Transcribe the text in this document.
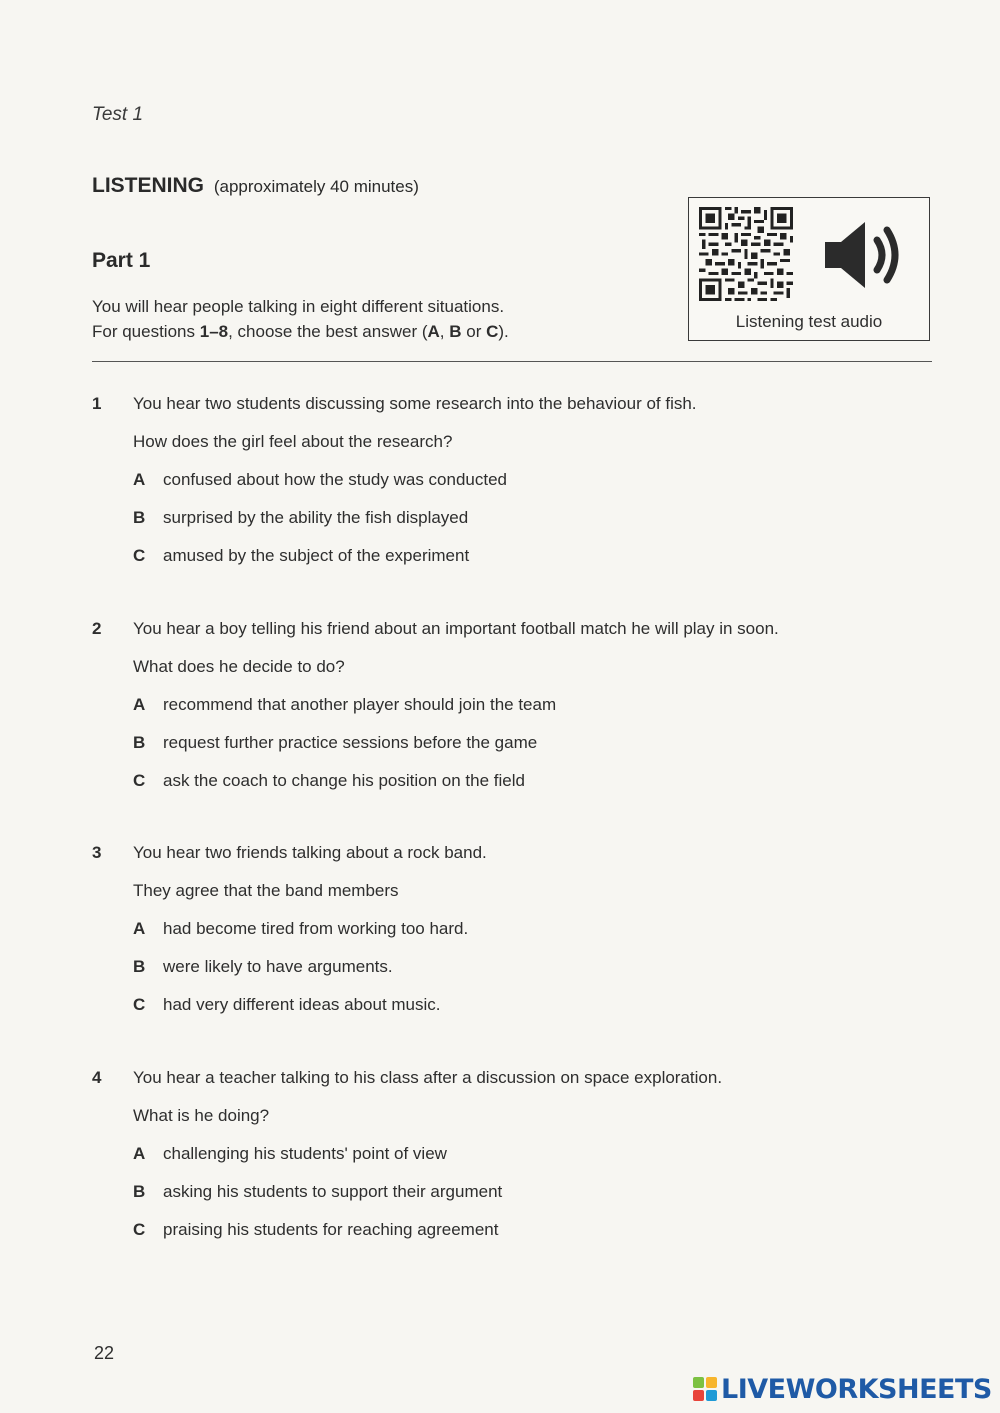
Test 1
LISTENING (approximately 40 minutes)
Part 1
You will hear people talking in eight different situations.
For questions 1–8, choose the best answer (A, B or C).
Listening test audio
1 You hear two students discussing some research into the behaviour of fish.
How does the girl feel about the research?
A confused about how the study was conducted
B surprised by the ability the fish displayed
C amused by the subject of the experiment
2 You hear a boy telling his friend about an important football match he will play in soon.
What does he decide to do?
A recommend that another player should join the team
B request further practice sessions before the game
C ask the coach to change his position on the field
3 You hear two friends talking about a rock band.
They agree that the band members
A had become tired from working too hard.
B were likely to have arguments.
C had very different ideas about music.
4 You hear a teacher talking to his class after a discussion on space exploration.
What is he doing?
A challenging his students' point of view
B asking his students to support their argument
C praising his students for reaching agreement
22
LIVEWORKSHEETS
